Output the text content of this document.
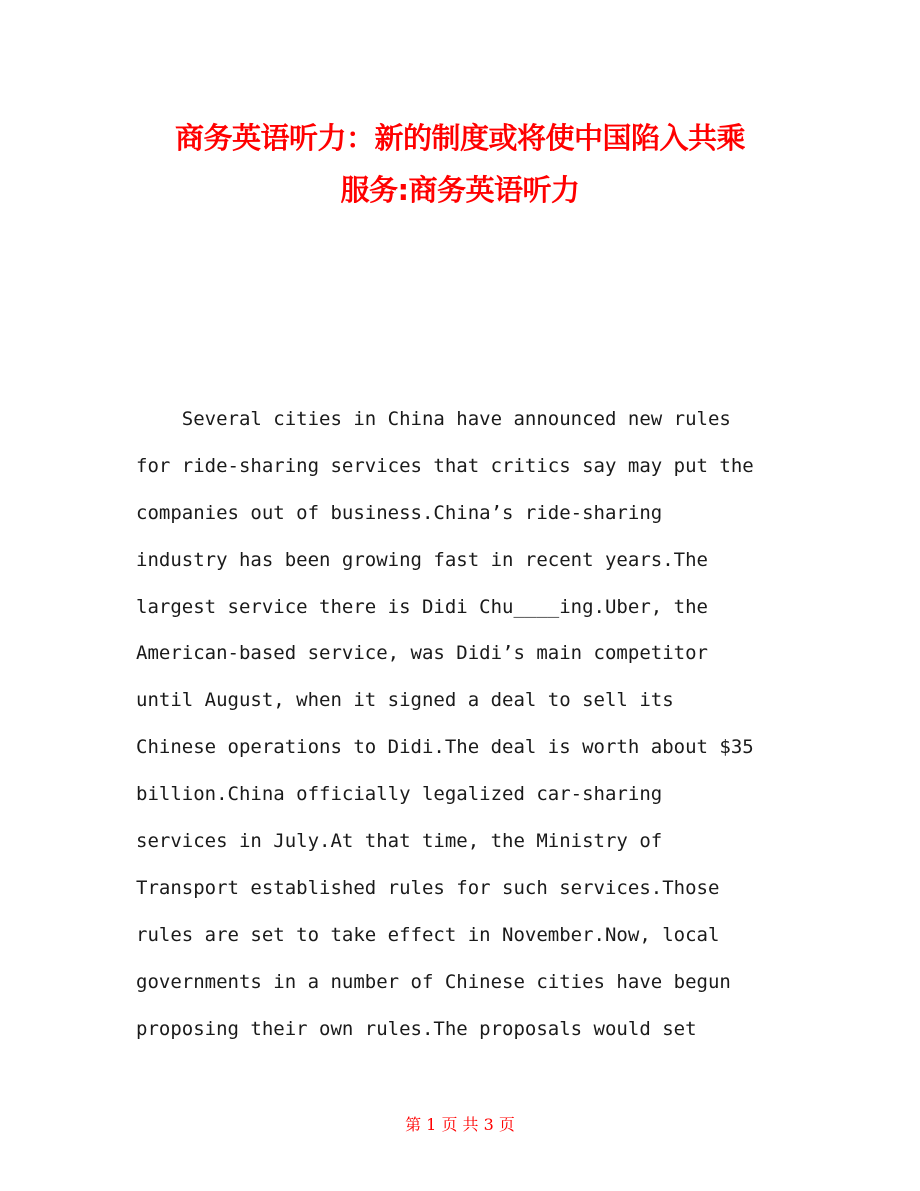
商务英语听力：新的制度或将使中国陷入共乘
服务:商务英语听力
Several cities in China have announced new rules
for ride-sharing services that critics say may put the
companies out of business.China’s ride-sharing
industry has been growing fast in recent years.The
largest service there is Didi Chu____ing.Uber, the
American-based service, was Didi’s main competitor
until August, when it signed a deal to sell its
Chinese operations to Didi.The deal is worth about $35
billion.China officially legalized car-sharing
services in July.At that time, the Ministry of
Transport established rules for such services.Those
rules are set to take effect in November.Now, local
governments in a number of Chinese cities have begun
proposing their own rules.The proposals would set
第 1 页 共 3 页
